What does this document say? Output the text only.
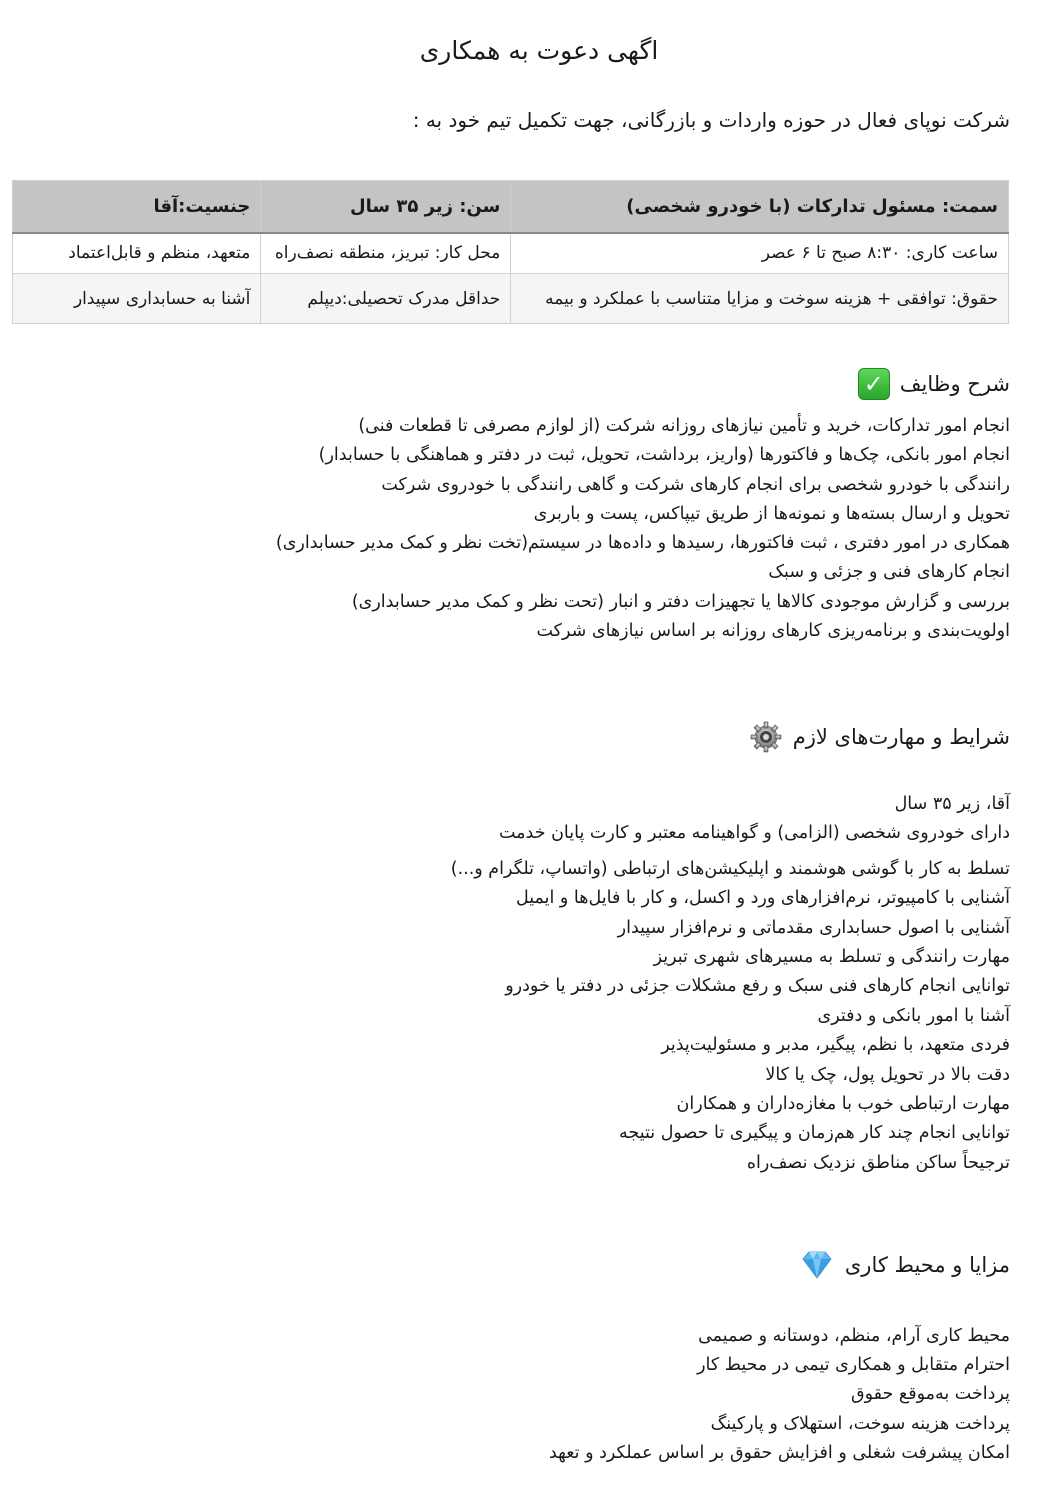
اگهی دعوت به همکاری

شرکت نوپای فعال در حوزه واردات و بازرگانی، جهت تکمیل تیم خود به :

سمت: مسئول تدارکات (با خودرو شخصی)	سن: زیر ۳۵ سال	جنسیت:آقا
ساعت کاری: ۸:۳۰ صبح تا ۶ عصر	محل کار: تبریز، منطقه نصف‌راه	متعهد، منظم و قابل‌اعتماد
حقوق: توافقی + هزینه سوخت و مزایا متناسب با عملکرد و بیمه	حداقل مدرک تحصیلی:دیپلم	آشنا به حسابداری سپیدار
شرح وظایف
✓
انجام امور تدارکات، خرید و تأمین نیازهای روزانه شرکت (از لوازم مصرفی تا قطعات فنی)
انجام امور بانکی، چک‌ها و فاکتورها (واریز، برداشت، تحویل، ثبت در دفتر و هماهنگی با حسابدار)
رانندگی با خودرو شخصی برای انجام کارهای شرکت و گاهی رانندگی با خودروی شرکت
تحویل و ارسال بسته‌ها و نمونه‌ها از طریق تیپاکس، پست و باربری
همکاری در امور دفتری ، ثبت فاکتورها، رسیدها و داده‌ها در سیستم(تخت نظر و کمک مدیر حسابداری)
انجام کارهای فنی و جزئی و سبک
بررسی و گزارش موجودی کالاها یا تجهیزات دفتر و انبار (تحت نظر و کمک مدیر حسابداری)
اولویت‌بندی و برنامه‌ریزی کارهای روزانه بر اساس نیازهای شرکت
شرایط و مهارت‌های لازم
آقا، زیر ۳۵ سال
دارای خودروی شخصی (الزامی) و گواهینامه معتبر و کارت پایان خدمت
تسلط به کار با گوشی هوشمند و اپلیکیشن‌های ارتباطی (واتساپ، تلگرام و...)
آشنایی با کامپیوتر، نرم‌افزارهای ورد و اکسل، و کار با فایل‌ها و ایمیل
آشنایی با اصول حسابداری مقدماتی و نرم‌افزار سپیدار
مهارت رانندگی و تسلط به مسیرهای شهری تبریز
توانایی انجام کارهای فنی سبک و رفع مشکلات جزئی در دفتر یا خودرو
آشنا با امور بانکی و دفتری
فردی متعهد، با نظم، پیگیر، مدبر و مسئولیت‌پذیر
دقت بالا در تحویل پول، چک یا کالا
مهارت ارتباطی خوب با مغازه‌داران و همکاران
توانایی انجام چند کار هم‌زمان و پیگیری تا حصول نتیجه
ترجیحاً ساکن مناطق نزدیک نصف‌راه
مزایا و محیط کاری
محیط کاری آرام، منظم، دوستانه و صمیمی
احترام متقابل و همکاری تیمی در محیط کار
پرداخت به‌موقع حقوق
پرداخت هزینه سوخت، استهلاک و پارکینگ
امکان پیشرفت شغلی و افزایش حقوق بر اساس عملکرد و تعهد
